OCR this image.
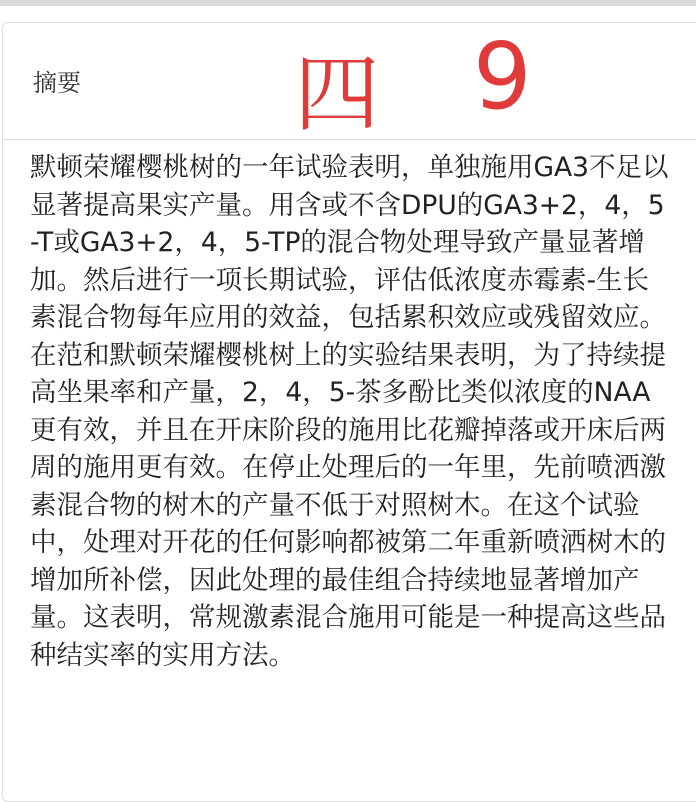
摘要	四 9

默顿荣耀樱桃树的一年试验表明，单独施用GA3不足以显著提高果实产量。用含或不含DPU的GA3+2，4，5-T或GA3+2，4，5-TP的混合物处理导致产量显著增加。然后进行一项长期试验，评估低浓度赤霉素-生长素混合物每年应用的效益，包括累积效应或残留效应。在范和默顿荣耀樱桃树上的实验结果表明，为了持续提高坐果率和产量，2，4，5-茶多酚比类似浓度的NAA更有效，并且在开床阶段的施用比花瓣掉落或开床后两周的施用更有效。在停止处理后的一年里，先前喷洒激素混合物的树木的产量不低于对照树木。在这个试验中，处理对开花的任何影响都被第二年重新喷洒树木的增加所补偿，因此处理的最佳组合持续地显著增加产量。这表明，常规激素混合施用可能是一种提高这些品种结实率的实用方法。
